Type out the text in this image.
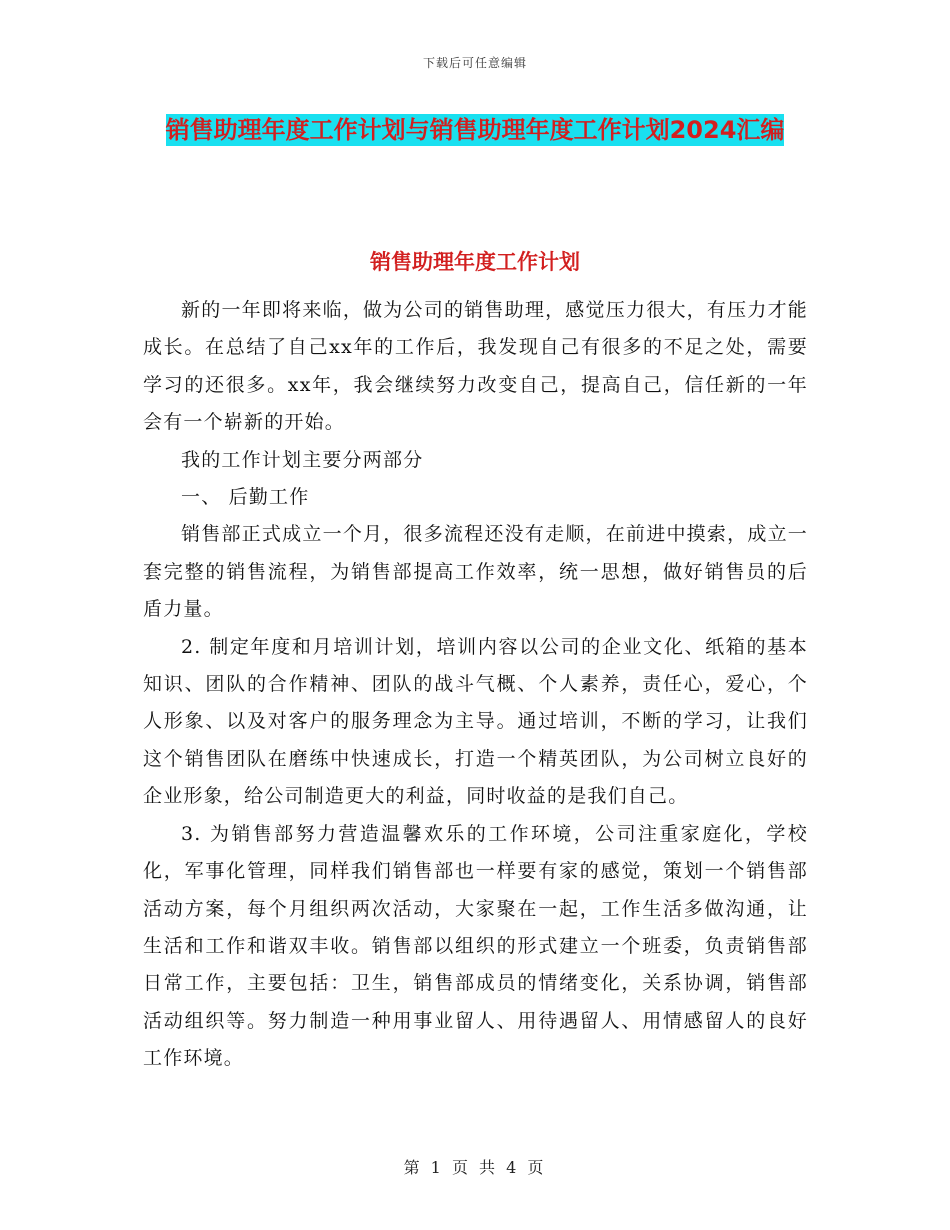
下载后可任意编辑
销售助理年度工作计划与销售助理年度工作计划2024汇编
销售助理年度工作计划

新的一年即将来临，做为公司的销售助理，感觉压力很大，有压力才能成长。在总结了自己xx年的工作后，我发现自己有很多的不足之处，需要学习的还很多。xx年，我会继续努力改变自己，提高自己，信任新的一年会有一个崭新的开始。

我的工作计划主要分两部分

一、 后勤工作

销售部正式成立一个月，很多流程还没有走顺，在前进中摸索，成立一套完整的销售流程，为销售部提高工作效率，统一思想，做好销售员的后盾力量。

2. 制定年度和月培训计划，培训内容以公司的企业文化、纸箱的基本知识、团队的合作精神、团队的战斗气概、个人素养，责任心，爱心，个人形象、以及对客户的服务理念为主导。通过培训，不断的学习，让我们这个销售团队在磨练中快速成长，打造一个精英团队，为公司树立良好的企业形象，给公司制造更大的利益，同时收益的是我们自己。

3. 为销售部努力营造温馨欢乐的工作环境，公司注重家庭化，学校化，军事化管理，同样我们销售部也一样要有家的感觉，策划一个销售部活动方案，每个月组织两次活动，大家聚在一起，工作生活多做沟通，让生活和工作和谐双丰收。销售部以组织的形式建立一个班委，负责销售部日常工作，主要包括：卫生，销售部成员的情绪变化，关系协调，销售部活动组织等。努力制造一种用事业留人、用待遇留人、用情感留人的良好工作环境。

第 1 页 共 4 页
